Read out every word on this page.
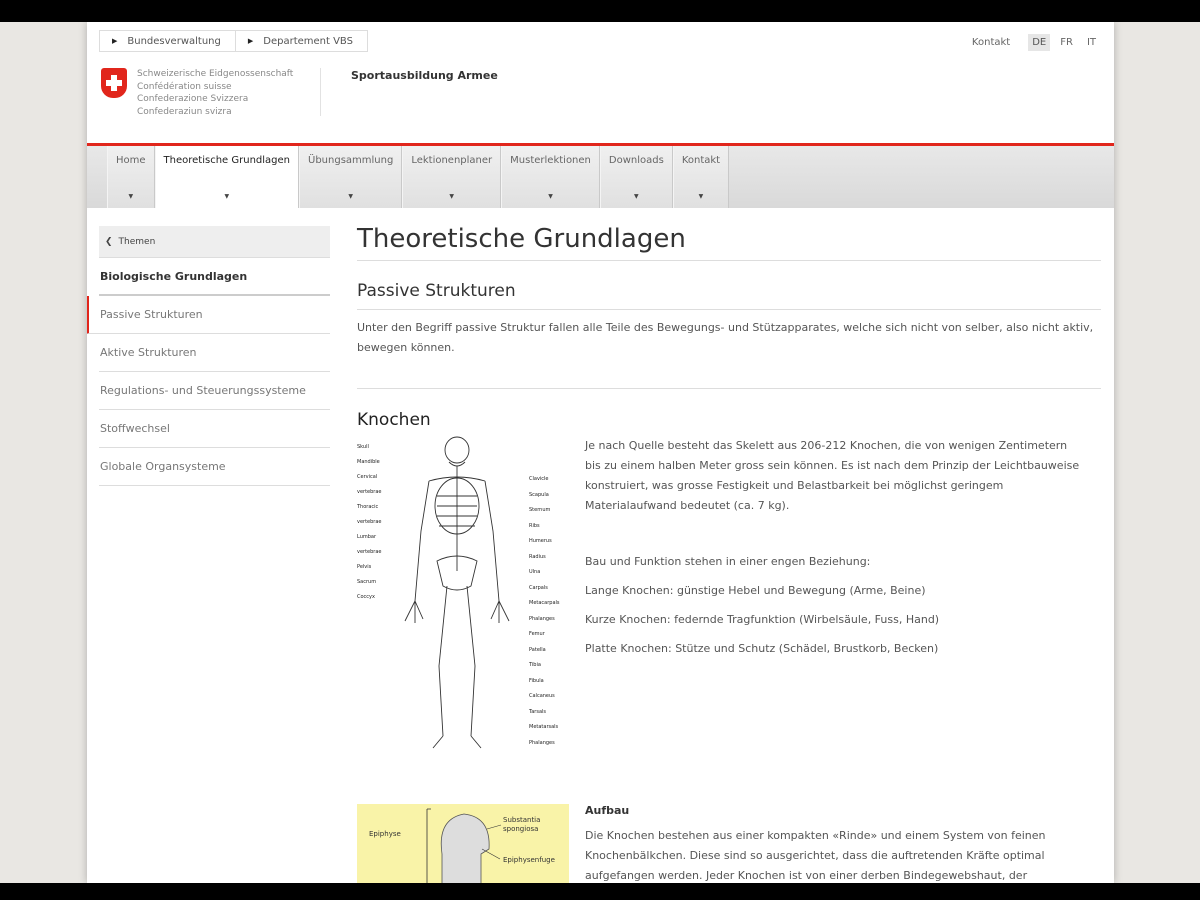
▶ Bundesverwaltung	▶ Departement VBS	Kontakt	DE	FR	IT
Schweizerische Eidgenossenschaft
Confédération suisse
Confederazione Svizzera
Confederaziun svizra
Sportausbildung Armee
Home
▼
Theoretische Grundlagen
▼
Übungsammlung
▼
Lektionenplaner
▼
Musterlektionen
▼
Downloads
▼
Kontakt
▼
❮ Themen
Biologische Grundlagen
Passive Strukturen
Aktive Strukturen
Regulations- und Steuerungssysteme
Stoffwechsel
Globale Organsysteme
Theoretische Grundlagen
Passive Strukturen

Unter den Begriff passive Struktur fallen alle Teile des Bewegungs- und Stützapparates, welche sich nicht von selber, also nicht aktiv, bewegen können.

Knochen
Skull
Mandible
Cervical vertebrae
Thoracic vertebrae
Lumbar vertebrae
Pelvis
Sacrum
Coccyx
Clavicle
Scapula
Sternum
Ribs
Humerus
Radius
Ulna
Carpals
Metacarpals
Phalanges
Femur
Patella
Tibia
Fibula
Calcaneus
Tarsals
Metatarsals
Phalanges

Je nach Quelle besteht das Skelett aus 206-212 Knochen, die von wenigen Zentimetern bis zu einem halben Meter gross sein können. Es ist nach dem Prinzip der Leichtbauweise konstruiert, was grosse Festigkeit und Belastbarkeit bei möglichst geringem Materialaufwand bedeutet (ca. 7 kg).

Bau und Funktion stehen in einer engen Beziehung:

Lange Knochen: günstige Hebel und Bewegung (Arme, Beine)

Kurze Knochen: federnde Tragfunktion (Wirbelsäule, Fuss, Hand)

Platte Knochen: Stütze und Schutz (Schädel, Brustkorb, Becken)

Epiphyse
Substantia spongiosa
Epiphysenfuge
Aufbau

Die Knochen bestehen aus einer kompakten «Rinde» und einem System von feinen Knochenbälkchen. Diese sind so ausgerichtet, dass die auftretenden Kräfte optimal aufgefangen werden. Jeder Knochen ist von einer derben Bindegewebshaut, der
